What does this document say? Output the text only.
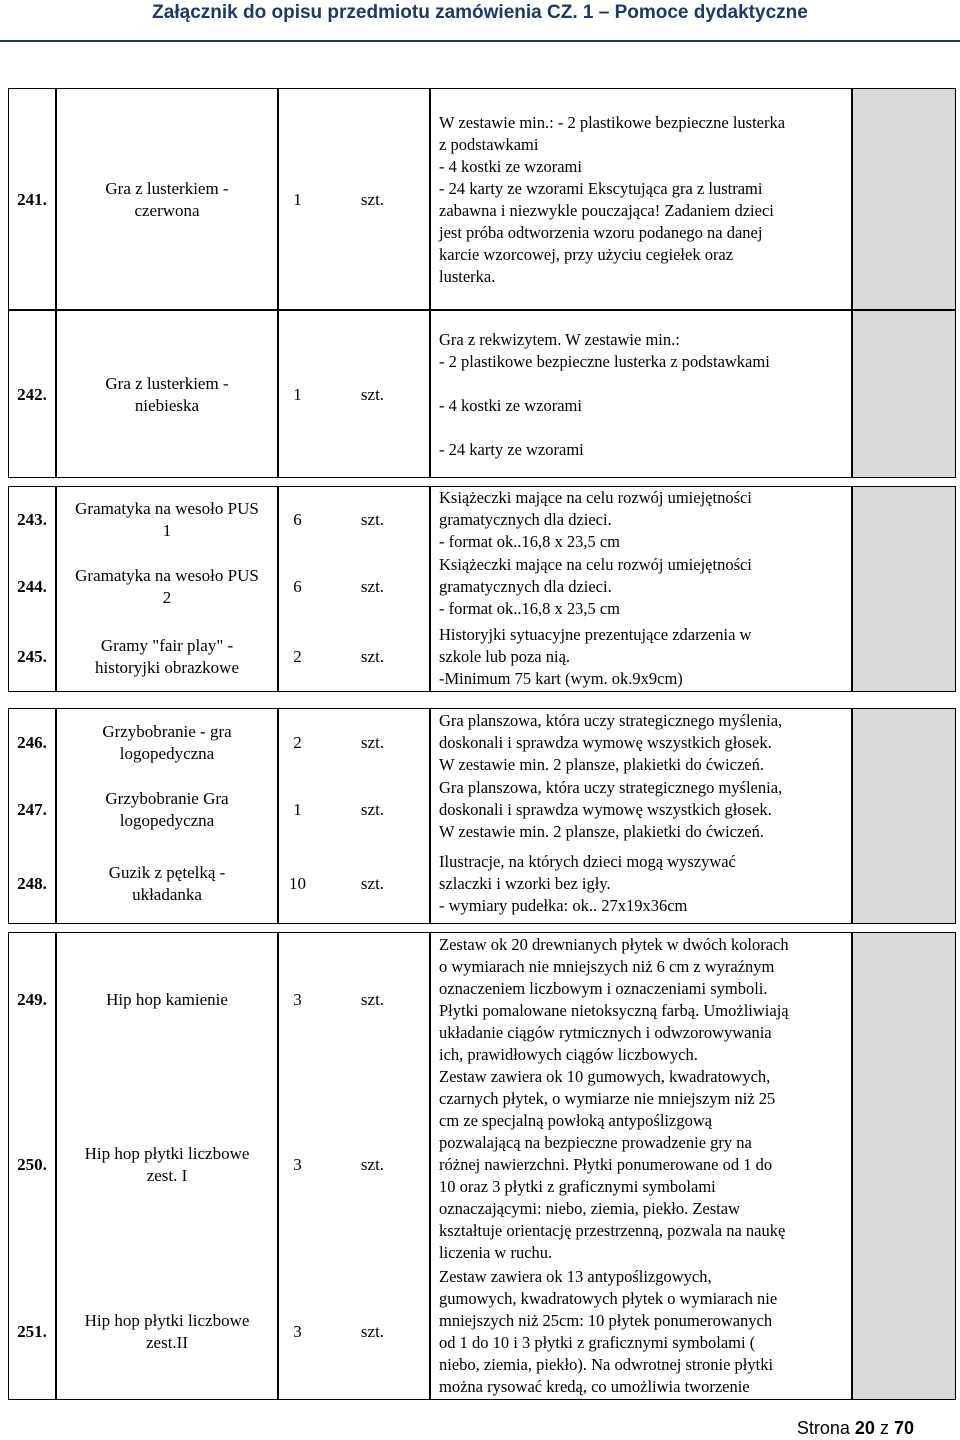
Załącznik do opisu przedmiotu zamówienia CZ. 1 – Pomoce dydaktyczne
241.
Gra z lusterkiem -
czerwona
1	szt.
W zestawie min.: - 2 plastikowe bezpieczne lusterka
z podstawkami
- 4 kostki ze wzorami
- 24 karty ze wzorami Ekscytująca gra z lustrami
zabawna i niezwykle pouczająca! Zadaniem dzieci
jest próba odtworzenia wzoru podanego na danej
karcie wzorcowej, przy użyciu cegiełek oraz
lusterka.
242.
Gra z lusterkiem -
niebieska
1	szt.
Gra z rekwizytem. W zestawie min.:
- 2 plastikowe bezpieczne lusterka z podstawkami

- 4 kostki ze wzorami

- 24 karty ze wzorami
243.
244.
245.
Gramatyka na wesoło PUS
1
Gramatyka na wesoło PUS
2
Gramy "fair play" -
historyjki obrazkowe
6
6
2
szt.
szt.
szt.
Książeczki mające na celu rozwój umiejętności
gramatycznych dla dzieci.
- format ok..16,8 x 23,5 cm
Książeczki mające na celu rozwój umiejętności
gramatycznych dla dzieci.
- format ok..16,8 x 23,5 cm
Historyjki sytuacyjne prezentujące zdarzenia w
szkole lub poza nią.
-Minimum 75 kart (wym. ok.9x9cm)
246.
247.
248.
Grzybobranie - gra
logopedyczna
Grzybobranie Gra
logopedyczna
Guzik z pętelką -
układanka
2
1
10
szt.
szt.
szt.
Gra planszowa, która uczy strategicznego myślenia,
doskonali i sprawdza wymowę wszystkich głosek.
W zestawie min. 2 plansze, plakietki do ćwiczeń.
Gra planszowa, która uczy strategicznego myślenia,
doskonali i sprawdza wymowę wszystkich głosek.
W zestawie min. 2 plansze, plakietki do ćwiczeń.
Ilustracje, na których dzieci mogą wyszywać
szlaczki i wzorki bez igły.
- wymiary pudełka: ok.. 27x19x36cm
249.
250.
251.
Hip hop kamienie
Hip hop płytki liczbowe
zest. I
Hip hop płytki liczbowe
zest.II
3
3
3
szt.
szt.
szt.
Zestaw ok 20 drewnianych płytek w dwóch kolorach
o wymiarach nie mniejszych niż 6 cm z wyraźnym
oznaczeniem liczbowym i oznaczeniami symboli.
Płytki pomalowane nietoksyczną farbą. Umożliwiają
układanie ciągów rytmicznych i odwzorowywania
ich, prawidłowych ciągów liczbowych.
Zestaw zawiera ok 10 gumowych, kwadratowych,
czarnych płytek, o wymiarze nie mniejszym niż 25
cm ze specjalną powłoką antypoślizgową
pozwalającą na bezpieczne prowadzenie gry na
różnej nawierzchni. Płytki ponumerowane od 1 do
10 oraz 3 płytki z graficznymi symbolami
oznaczającymi: niebo, ziemia, piekło. Zestaw
kształtuje orientację przestrzenną, pozwala na naukę
liczenia w ruchu.
Zestaw zawiera ok 13 antypoślizgowych,
gumowych, kwadratowych płytek o wymiarach nie
mniejszych niż 25cm: 10 płytek ponumerowanych
od 1 do 10 i 3 płytki z graficznymi symbolami (
niebo, ziemia, piekło). Na odwrotnej stronie płytki
można rysować kredą, co umożliwia tworzenie
Strona 20 z 70
